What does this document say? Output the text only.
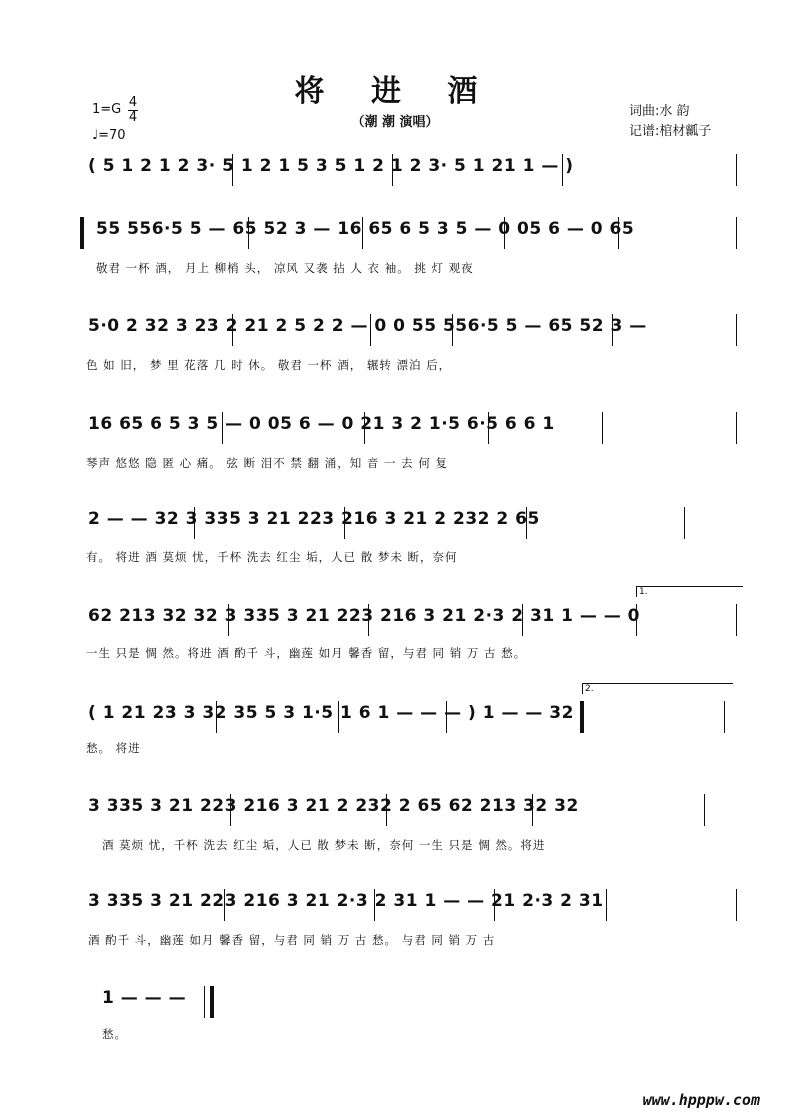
将 进 酒
（潮 潮 演唱）
1=G 4
4
♩=70
词曲:水 韵
记谱:棺材瓤子
( 5 1 2 1 2 3· 5 1 2 1 5 3 5 1 2 1 2 3· 5 1 21 1 — )
55 556·5 5 — 65 52 3 — 16 65 6 5 3 5 — 0 05 6 — 0 65
敬君 一杯 酒， 月上 柳梢 头， 凉风 又袭 拈 人 衣 袖。 挑 灯 观夜
5·0 2 32 3 23 2 21 2 5 2 2 — 0 0 55 556·5 5 — 65 52 3 —
色 如 旧， 梦 里 花落 几 时 休。 敬君 一杯 酒， 辗转 漂泊 后，
16 65 6 5 3 5 — 0 05 6 — 0 21 3 2 1·5 6·5 6 6 1
琴声 悠悠 隐 匿 心 痛。 弦 断 泪不 禁 翻 涌，知 音 一 去 何 复
2 — — 32 3 335 3 21 223 216 3 21 2 232 2 65
有。 将进 酒 莫烦 忧，千杯 洗去 红尘 垢，人已 散 梦未 断，奈何
1.
62 213 32 32 3 335 3 21 223 216 3 21 2·3 2 31 1 — — 0
一生 只是 惆 然。将进 酒 酌千 斗，幽莲 如月 馨香 留，与君 同 销 万 古 愁。
2.
( 1 21 23 3 32 35 5 3 1·5 1 6 1 — — — ) 1 — — 32
愁。 将进
3 335 3 21 223 216 3 21 2 232 2 65 62 213 32 32
酒 莫烦 忧，千杯 洗去 红尘 垢，人已 散 梦未 断，奈何 一生 只是 惆 然。将进
3 335 3 21 223 216 3 21 2·3 2 31 1 — — 21 2·3 2 31
酒 酌千 斗，幽莲 如月 馨香 留，与君 同 销 万 古 愁。 与君 同 销 万 古
1 — — —
愁。
www.hpppw.com
